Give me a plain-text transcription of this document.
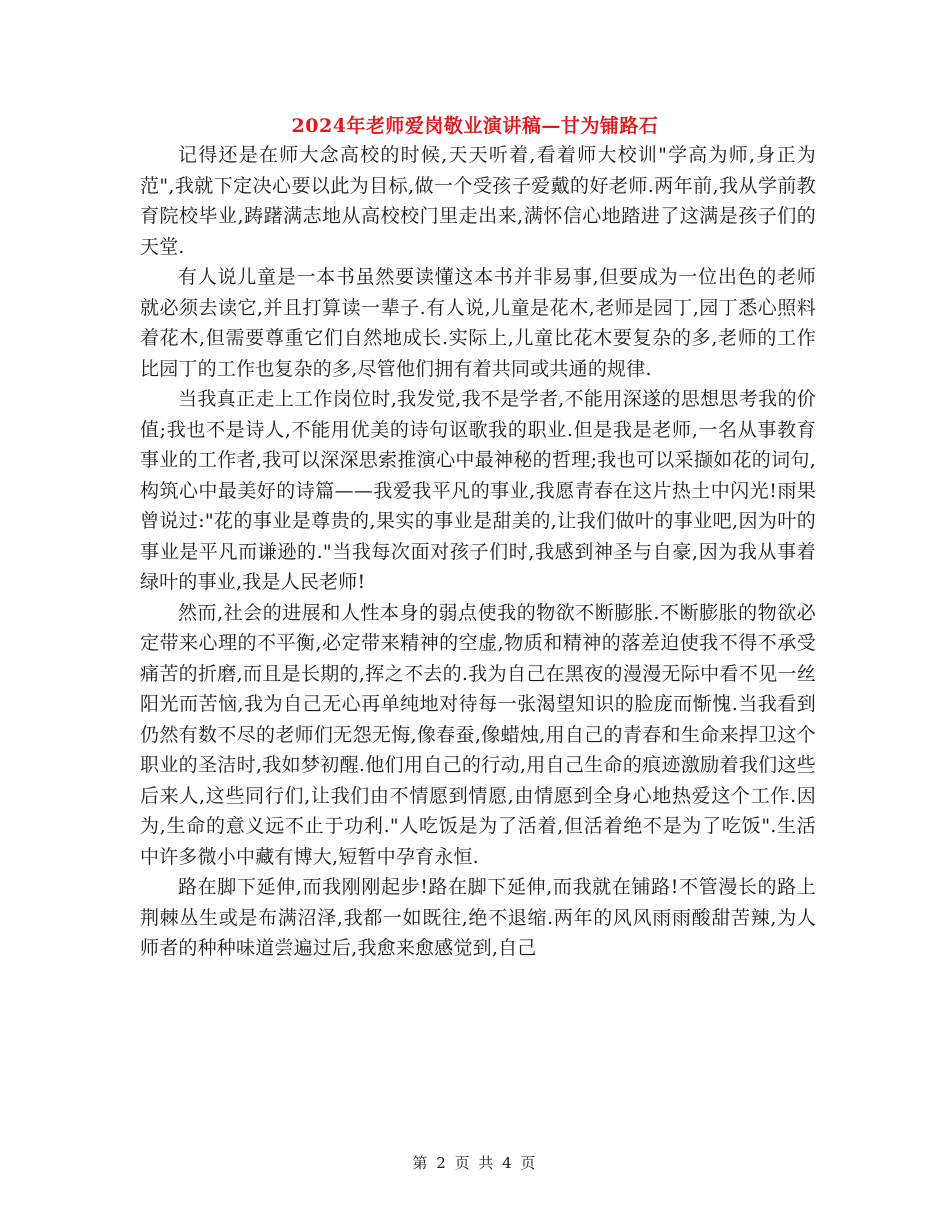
2024年老师爱岗敬业演讲稿—甘为铺路石

记得还是在师大念高校的时候,天天听着,看着师大校训"学高为师,身正为范",我就下定决心要以此为目标,做一个受孩子爱戴的好老师.两年前,我从学前教育院校毕业,踌躇满志地从高校校门里走出来,满怀信心地踏进了这满是孩子们的天堂.

有人说儿童是一本书虽然要读懂这本书并非易事,但要成为一位出色的老师就必须去读它,并且打算读一辈子.有人说,儿童是花木,老师是园丁,园丁悉心照料着花木,但需要尊重它们自然地成长.实际上,儿童比花木要复杂的多,老师的工作比园丁的工作也复杂的多,尽管他们拥有着共同或共通的规律.

当我真正走上工作岗位时,我发觉,我不是学者,不能用深遂的思想思考我的价值;我也不是诗人,不能用优美的诗句讴歌我的职业.但是我是老师,一名从事教育事业的工作者,我可以深深思索推演心中最神秘的哲理;我也可以采撷如花的词句,构筑心中最美好的诗篇——我爱我平凡的事业,我愿青春在这片热土中闪光!雨果曾说过:"花的事业是尊贵的,果实的事业是甜美的,让我们做叶的事业吧,因为叶的事业是平凡而谦逊的."当我每次面对孩子们时,我感到神圣与自豪,因为我从事着绿叶的事业,我是人民老师!

然而,社会的进展和人性本身的弱点使我的物欲不断膨胀.不断膨胀的物欲必定带来心理的不平衡,必定带来精神的空虚,物质和精神的落差迫使我不得不承受痛苦的折磨,而且是长期的,挥之不去的.我为自己在黑夜的漫漫无际中看不见一丝阳光而苦恼,我为自己无心再单纯地对待每一张渴望知识的脸庞而惭愧.当我看到仍然有数不尽的老师们无怨无悔,像春蚕,像蜡烛,用自己的青春和生命来捍卫这个职业的圣洁时,我如梦初醒.他们用自己的行动,用自己生命的痕迹激励着我们这些后来人,这些同行们,让我们由不情愿到情愿,由情愿到全身心地热爱这个工作.因为,生命的意义远不止于功利."人吃饭是为了活着,但活着绝不是为了吃饭".生活中许多微小中藏有博大,短暂中孕育永恒.

路在脚下延伸,而我刚刚起步!路在脚下延伸,而我就在铺路!不管漫长的路上荆棘丛生或是布满沼泽,我都一如既往,绝不退缩.两年的风风雨雨酸甜苦辣,为人师者的种种味道尝遍过后,我愈来愈感觉到,自己

第 2 页 共 4 页
